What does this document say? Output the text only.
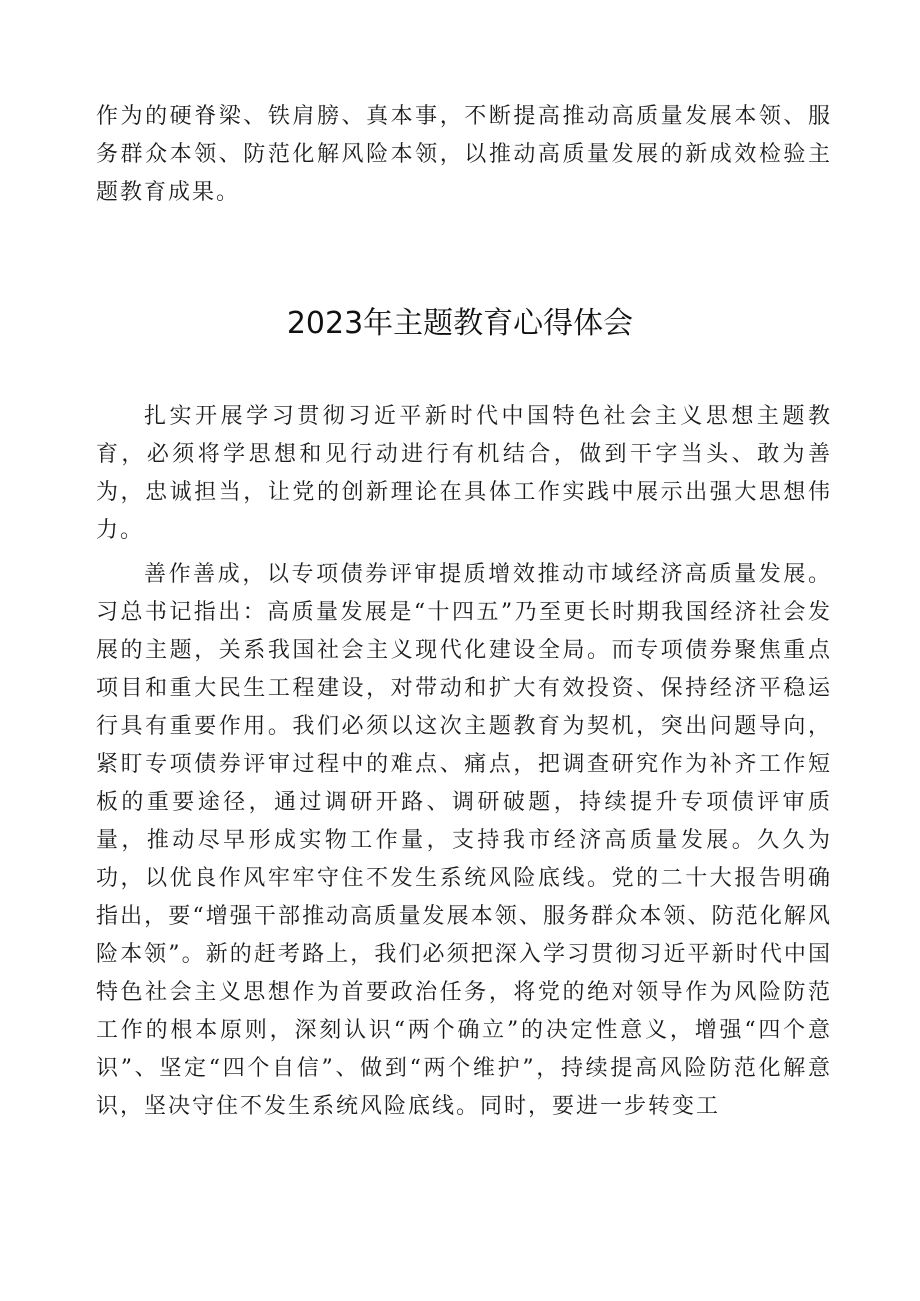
作为的硬脊梁、铁肩膀、真本事，不断提高推动高质量发展本领、服务群众本领、防范化解风险本领，以推动高质量发展的新成效检验主题教育成果。

2023年主题教育心得体会

扎实开展学习贯彻习近平新时代中国特色社会主义思想主题教育，必须将学思想和见行动进行有机结合，做到干字当头、敢为善为，忠诚担当，让党的创新理论在具体工作实践中展示出强大思想伟力。

善作善成，以专项债券评审提质增效推动市域经济高质量发展。习总书记指出：高质量发展是“十四五”乃至更长时期我国经济社会发展的主题，关系我国社会主义现代化建设全局。而专项债券聚焦重点项目和重大民生工程建设，对带动和扩大有效投资、保持经济平稳运行具有重要作用。我们必须以这次主题教育为契机，突出问题导向，紧盯专项债券评审过程中的难点、痛点，把调查研究作为补齐工作短板的重要途径，通过调研开路、调研破题，持续提升专项债评审质量，推动尽早形成实物工作量，支持我市经济高质量发展。久久为功，以优良作风牢牢守住不发生系统风险底线。党的二十大报告明确指出，要“增强干部推动高质量发展本领、服务群众本领、防范化解风险本领”。新的赶考路上，我们必须把深入学习贯彻习近平新时代中国特色社会主义思想作为首要政治任务，将党的绝对领导作为风险防范工作的根本原则，深刻认识“两个确立”的决定性意义，增强“四个意识”、坚定“四个自信”、做到“两个维护”，持续提高风险防范化解意识，坚决守住不发生系统风险底线。同时，要进一步转变工
